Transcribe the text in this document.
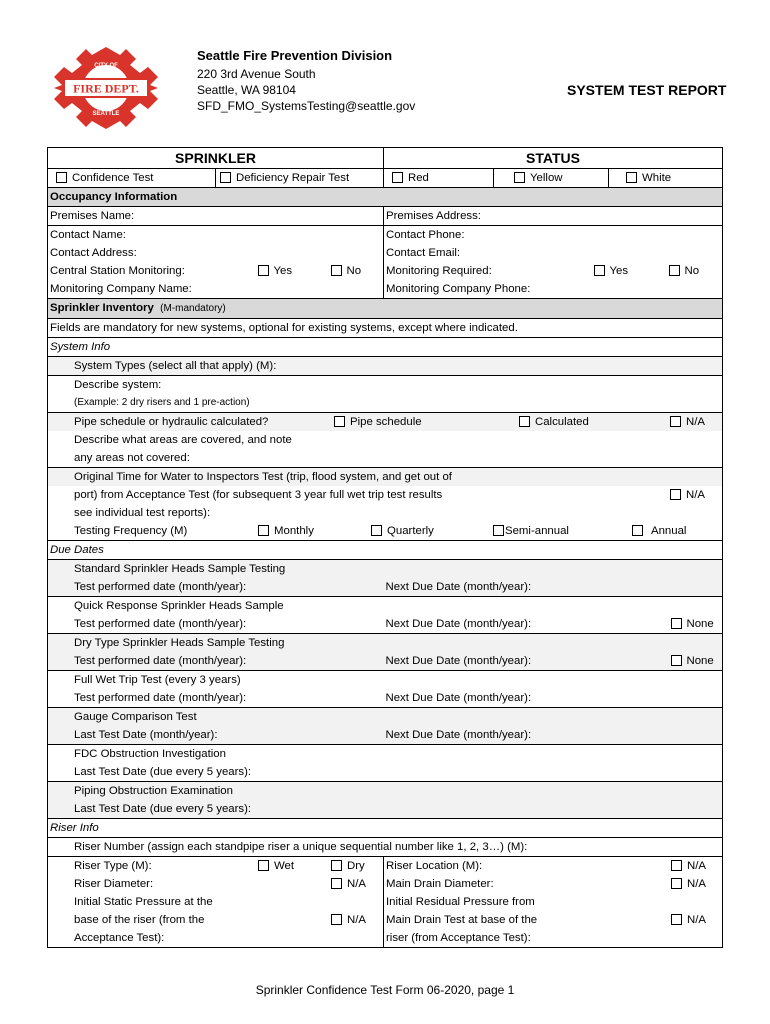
FIRE DEPT.
CITY OF
SEATTLE
Seattle Fire Prevention Division
220 3rd Avenue South
Seattle, WA 98104
SFD_FMO_SystemsTesting@seattle.gov
SYSTEM TEST REPORT
SPRINKLER		STATUS		
Confidence Test	Deficiency Repair Test	Red	Yellow	White
Occupancy Information				
Premises Name:		Premises Address:		
Contact Name:		Contact Phone:		
Contact Address:		Contact Email:		
Central Station Monitoring: Yes No		Monitoring Required: Yes No		

Monitoring Company Name:		Monitoring Company Phone:		
Sprinkler Inventory (M-mandatory)				
Fields are mandatory for new systems, optional for existing systems, except where indicated.				
System Info				
System Types (select all that apply) (M):				
Describe system:				
(Example: 2 dry risers and 1 pre-action)				
Pipe schedule or hydraulic calculated? Pipe schedule Calculated N/A				

Describe what areas are covered, and note				
any areas not covered:				
Original Time for Water to Inspectors Test (trip, flood system, and get out of				
port) from Acceptance Test (for subsequent 3 year full wet trip test results N/A				

see individual test reports):				
Testing Frequency (M) Monthly Quarterly Semi-annual Annual				

Due Dates				
Standard Sprinkler Heads Sample Testing				
Test performed date (month/year):		Next Due Date (month/year):		
Quick Response Sprinkler Heads Sample				
Test performed date (month/year):		Next Due Date (month/year): None		

Dry Type Sprinkler Heads Sample Testing				
Test performed date (month/year):		Next Due Date (month/year): None		

Full Wet Trip Test (every 3 years)				
Test performed date (month/year):		Next Due Date (month/year):		
Gauge Comparison Test				
Last Test Date (month/year):		Next Due Date (month/year):		
FDC Obstruction Investigation				
Last Test Date (due every 5 years):				
Piping Obstruction Examination				
Last Test Date (due every 5 years):				
Riser Info				
Riser Number (assign each standpipe riser a unique sequential number like 1, 2, 3…) (M):				
Riser Type (M): Wet Dry		Riser Location (M): N/A		

Riser Diameter: N/A		Main Drain Diameter: N/A		

Initial Static Pressure at the		Initial Residual Pressure from		
base of the riser (from the N/A		Main Drain Test at base of the N/A		

Acceptance Test):		riser (from Acceptance Test):		
Sprinkler Confidence Test Form 06-2020, page 1
